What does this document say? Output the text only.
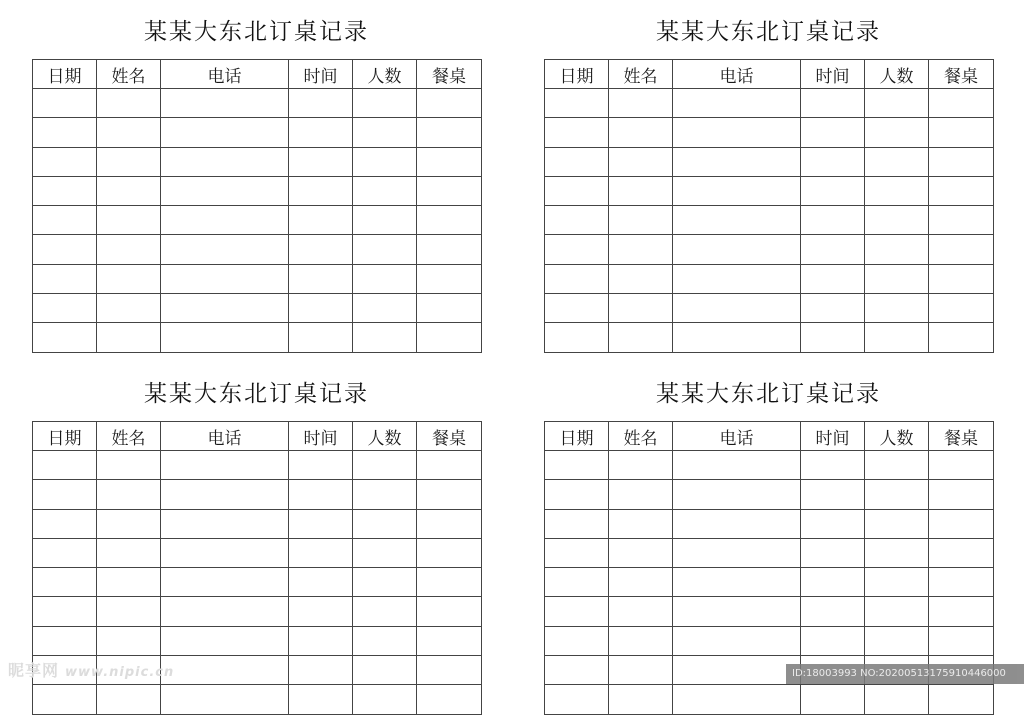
某某大东北订桌记录
日期	姓名	电话	时间	人数	餐桌

某某大东北订桌记录
日期	姓名	电话	时间	人数	餐桌

某某大东北订桌记录
日期	姓名	电话	时间	人数	餐桌

某某大东北订桌记录
日期	姓名	电话	时间	人数	餐桌

昵享网 www.nipic.cn	ID:18003993 NO:20200513175910446000
